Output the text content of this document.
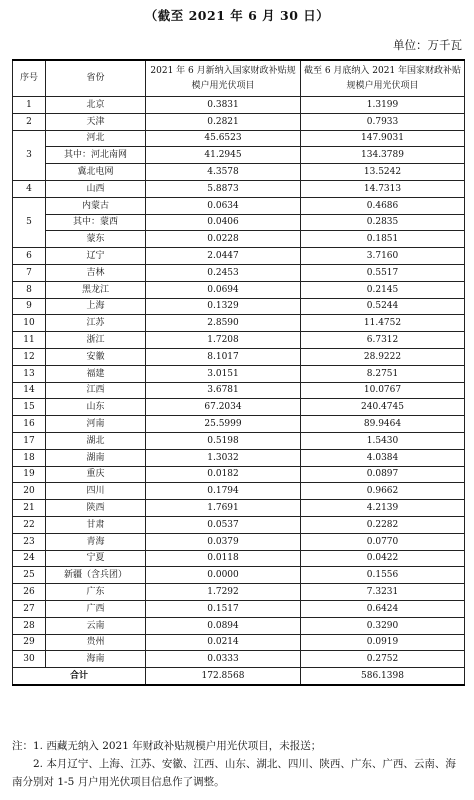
（截至 2021 年 6 月 30 日）
单位：万千瓦
序号	省份	2021 年 6 月新纳入国家财政补贴规模户用光伏项目	截至 6 月底纳入 2021 年国家财政补贴规模户用光伏项目
1	北京	0.3831	1.3199
2	天津	0.2821	0.7933
3	河北	45.6523	147.9031
	其中：河北南网	41.2945	134.3789
	冀北电网	4.3578	13.5242
4	山西	5.8873	14.7313
5	内蒙古	0.0634	0.4686
	其中：蒙西	0.0406	0.2835
	蒙东	0.0228	0.1851
6	辽宁	2.0447	3.7160
7	吉林	0.2453	0.5517
8	黑龙江	0.0694	0.2145
9	上海	0.1329	0.5244
10	江苏	2.8590	11.4752
11	浙江	1.7208	6.7312
12	安徽	8.1017	28.9222
13	福建	3.0151	8.2751
14	江西	3.6781	10.0767
15	山东	67.2034	240.4745
16	河南	25.5999	89.9464
17	湖北	0.5198	1.5430
18	湖南	1.3032	4.0384
19	重庆	0.0182	0.0897
20	四川	0.1794	0.9662
21	陕西	1.7691	4.2139
22	甘肃	0.0537	0.2282
23	青海	0.0379	0.0770
24	宁夏	0.0118	0.0422
25	新疆（含兵团）	0.0000	0.1556
26	广东	1.7292	7.3231
27	广西	0.1517	0.6424
28	云南	0.0894	0.3290
29	贵州	0.0214	0.0919
30	海南	0.0333	0.2752
合计		172.8568	586.1398

注：1. 西藏无纳入 2021 年财政补贴规模户用光伏项目，未报送；

2. 本月辽宁、上海、江苏、安徽、江西、山东、湖北、四川、陕西、广东、广西、云南、海南分别对 1-5 月户用光伏项目信息作了调整。
